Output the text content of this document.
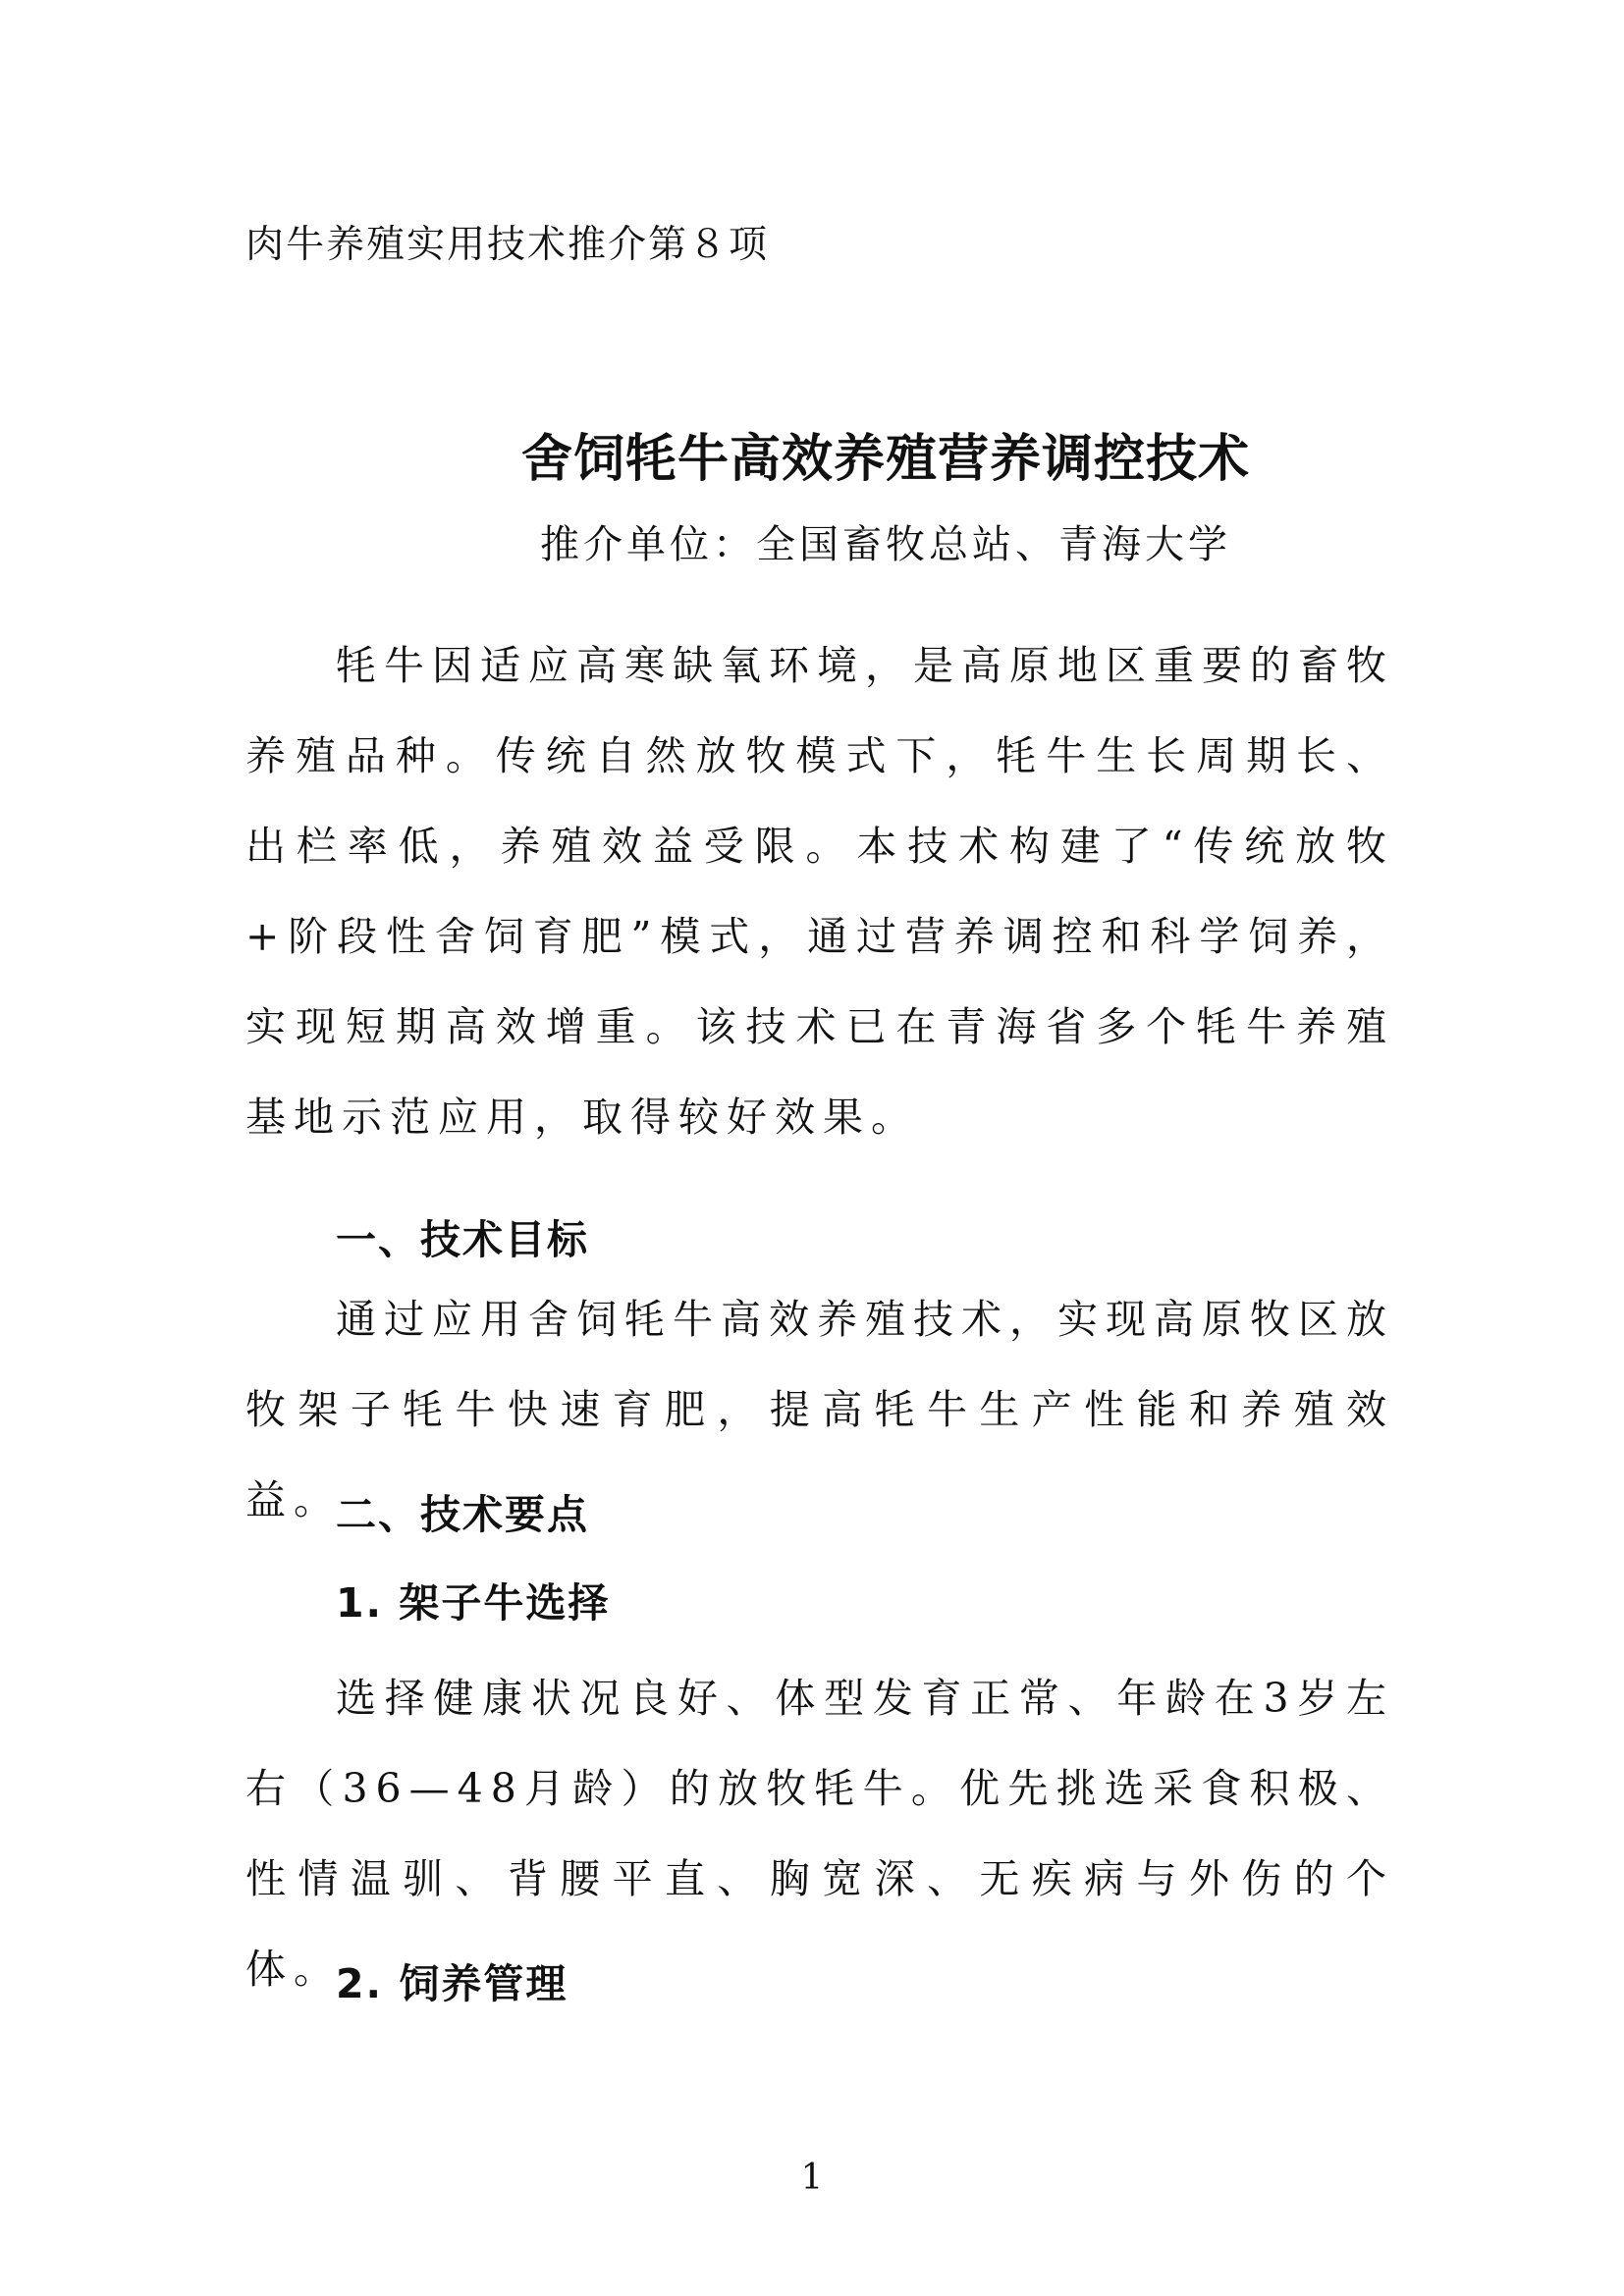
肉牛养殖实用技术推介第８项
舍饲牦牛高效养殖营养调控技术
推介单位：全国畜牧总站、青海大学

牦牛因适应高寒缺氧环境，是高原地区重要的畜牧养殖品种。传统自然放牧模式下，牦牛生长周期长、出栏率低，养殖效益受限。本技术构建了“传统放牧+阶段性舍饲育肥”模式，通过营养调控和科学饲养，实现短期高效增重。该技术已在青海省多个牦牛养殖基地示范应用，取得较好效果。

一、技术目标

通过应用舍饲牦牛高效养殖技术，实现高原牧区放牧架子牦牛快速育肥，提高牦牛生产性能和养殖效益。

二、技术要点
1. 架子牛选择

选择健康状况良好、体型发育正常、年龄在3岁左右（36—48月龄）的放牧牦牛。优先挑选采食积极、性情温驯、背腰平直、胸宽深、无疾病与外伤的个体。

2. 饲养管理
1
